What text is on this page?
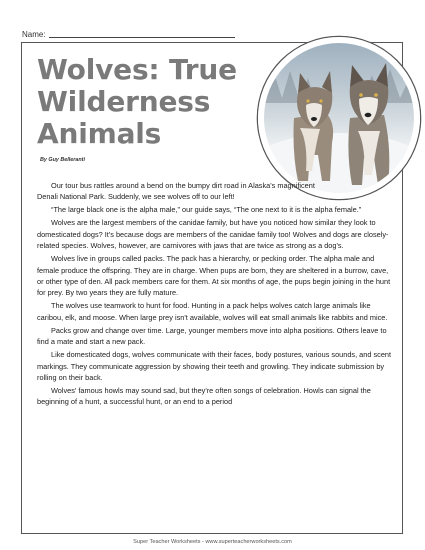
Name:
Wolves: True
Wilderness
Animals
By Guy Belleranti

Our tour bus rattles around a bend on the bumpy dirt road in Alaska's magnificent Denali National Park. Suddenly, we see wolves off to our left!

“The large black one is the alpha male,” our guide says, “The one next to it is the alpha female.”

Wolves are the largest members of the canidae family, but have you noticed how similar they look to domesticated dogs? It's because dogs are members of the canidae family too! Wolves and dogs are closely-related species. Wolves, however, are carnivores with jaws that are twice as strong as a dog's.

Wolves live in groups called packs. The pack has a hierarchy, or pecking order. The alpha male and female produce the offspring. They are in charge. When pups are born, they are sheltered in a burrow, cave, or other type of den. All pack members care for them. At six months of age, the pups begin joining in the hunt for prey. By two years they are fully mature.

The wolves use teamwork to hunt for food. Hunting in a pack helps wolves catch large animals like caribou, elk, and moose. When large prey isn't available, wolves will eat small animals like rabbits and mice.

Packs grow and change over time. Large, younger members move into alpha positions. Others leave to find a mate and start a new pack.

Like domesticated dogs, wolves communicate with their faces, body postures, various sounds, and scent markings. They communicate aggression by showing their teeth and growling. They indicate submission by rolling on their back.

Wolves' famous howls may sound sad, but they're often songs of celebration. Howls can signal the beginning of a hunt, a successful hunt, or an end to a period

Super Teacher Worksheets - www.superteacherworksheets.com
